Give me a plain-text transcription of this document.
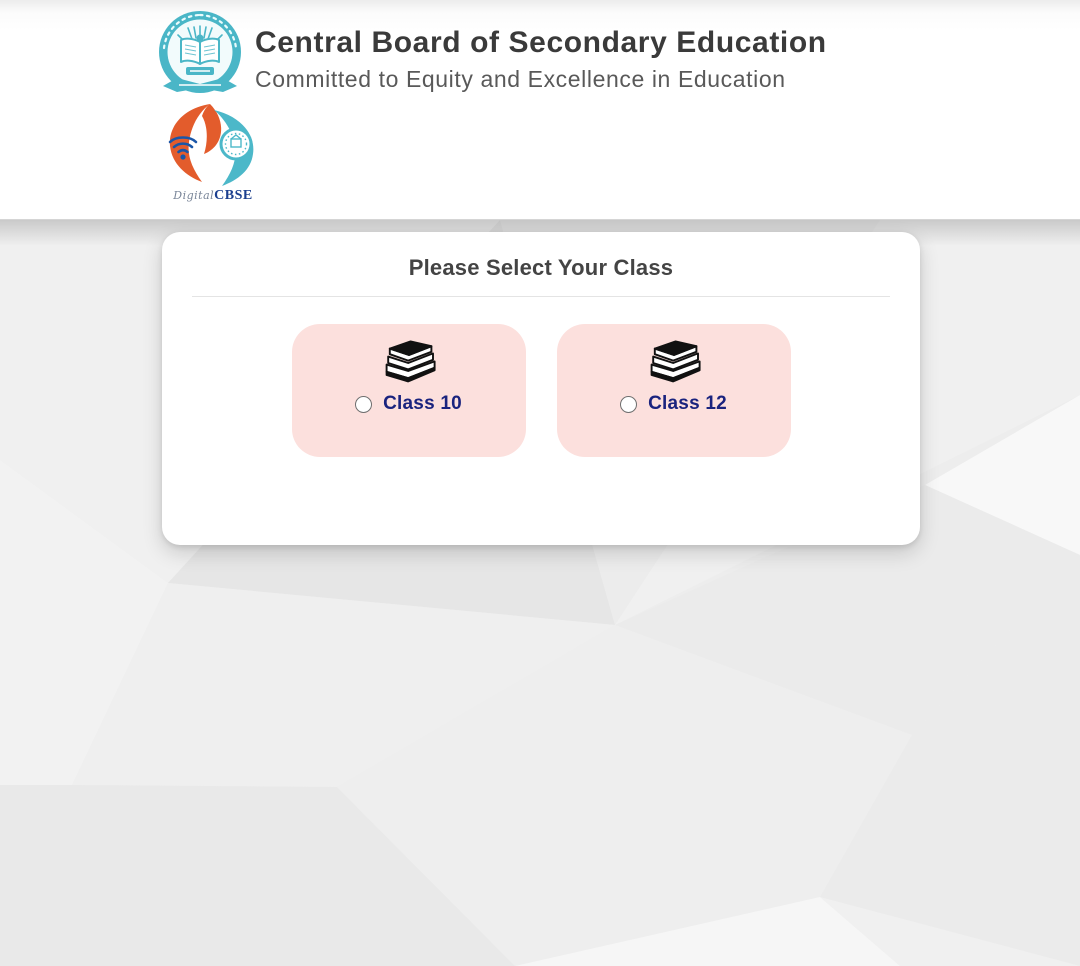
DigitalCBSE
Central Board of Secondary Education
Committed to Equity and Excellence in Education
Please Select Your Class
Class 10	Class 12
